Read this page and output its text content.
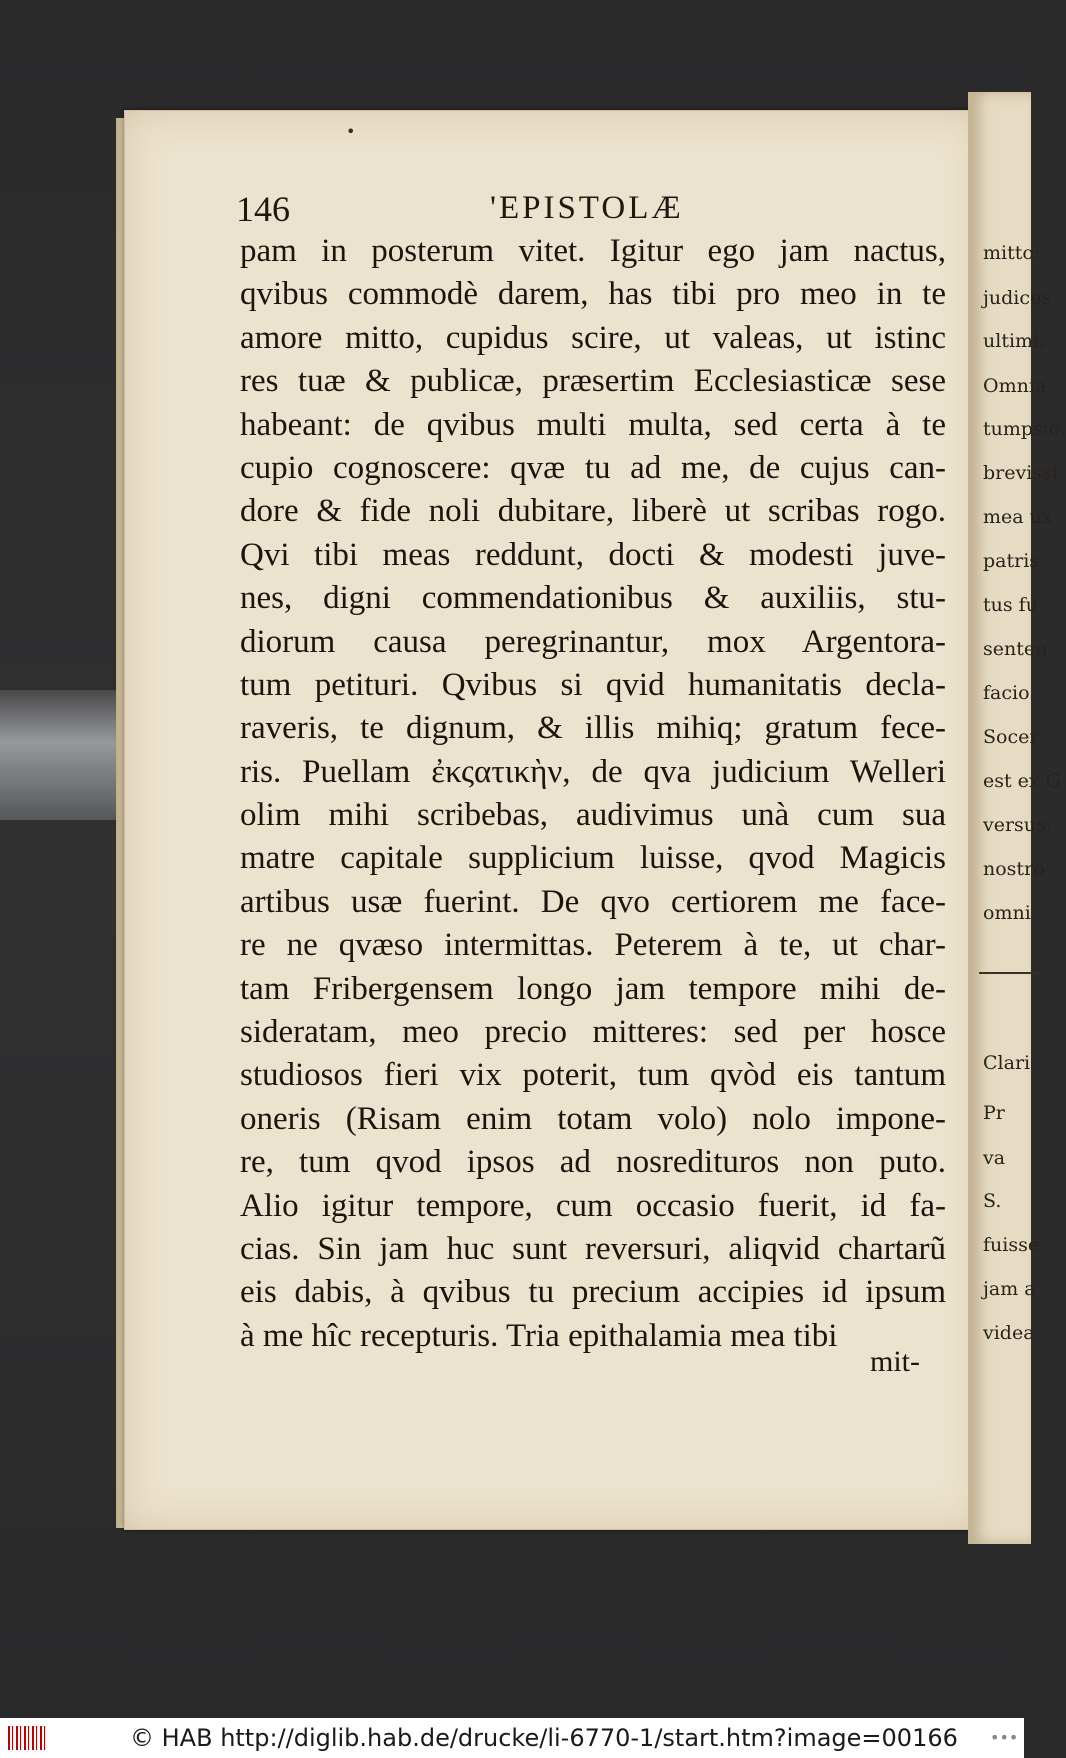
mitto:
judices
ultimi.
Omnia
tumpsio.
brevissi
mea ux
patris
tus fu
senten
facio.
Socer
est ex G
versus:
nostro
omni
Clari
Pr
va
S.
fuisse
jam a
videa
•
146	'EPISTOLÆ
pam in posterum vitet. Igitur ego jam nactus,
qvibus commodè darem, has tibi pro meo in te
amore mitto, cupidus scire, ut valeas, ut istinc
res tuæ & publicæ, præsertim Ecclesiasticæ sese
habeant: de qvibus multi multa, sed certa à te
cupio cognoscere: qvæ tu ad me, de cujus can-
dore & fide noli dubitare, liberè ut scribas rogo.
Qvi tibi meas reddunt, docti & modesti juve-
nes, digni commendationibus & auxiliis, stu-
diorum causa peregrinantur, mox Argentora-
tum petituri. Qvibus si qvid humanitatis decla-
raveris, te dignum, & illis mihiq; gratum fece-
ris. Puellam ἐκςατικὴν, de qva judicium Welleri
olim mihi scribebas, audivimus unà cum sua
matre capitale supplicium luisse, qvod Magicis
artibus usæ fuerint. De qvo certiorem me face-
re ne qvæso intermittas. Peterem à te, ut char-
tam Fribergensem longo jam tempore mihi de-
sideratam, meo precio mitteres: sed per hosce
studiosos fieri vix poterit, tum qvòd eis tantum
oneris (Risam enim totam volo) nolo impone-
re, tum qvod ipsos ad nosredituros non puto.
Alio igitur tempore, cum occasio fuerit, id fa-
cias. Sin jam huc sunt reversuri, aliqvid chartarũ
eis dabis, à qvibus tu precium accipies id ipsum
à me hîc recepturis. Tria epithalamia mea tibi
mit-
© HAB http://diglib.hab.de/drucke/li-6770-1/start.htm?image=00166 •••
